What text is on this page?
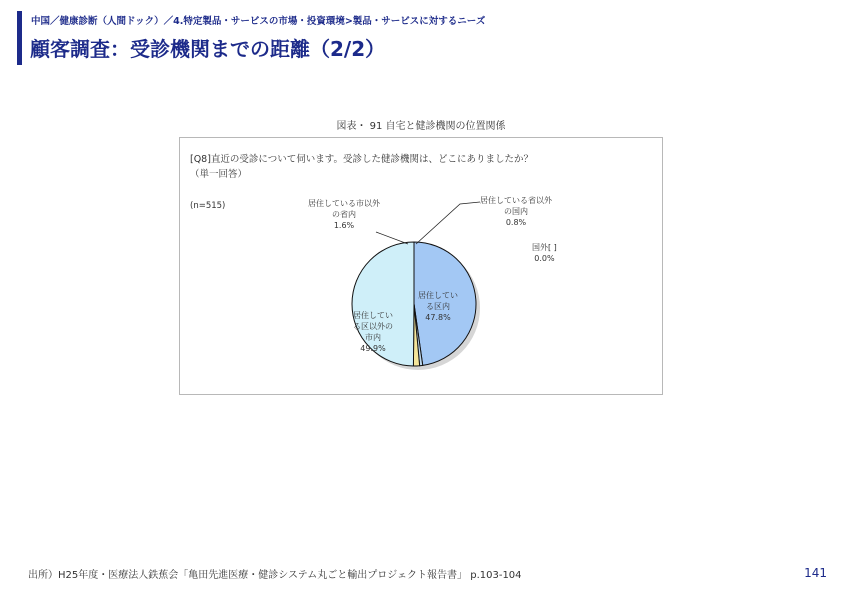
中国／健康診断（人間ドック）／4.特定製品・サービスの市場・投資環境>製品・サービスに対するニーズ
顧客調査：受診機関までの距離（2/2）
図表・ 91 自宅と健診機関の位置関係
[Q8]直近の受診について伺います。受診した健診機関は、どこにありましたか？
（単一回答）
(n=515)
居住してい
る区内
47.8%
居住してい
る区以外の
市内
49.9%
居住している市以外
の省内
1.6%
居住している省以外
の国内
0.8%
国外[ ]
0.0%
出所）H25年度・医療法人鉄蕉会「亀田先進医療・健診システム丸ごと輸出プロジェクト報告書」 p.103-104	141
